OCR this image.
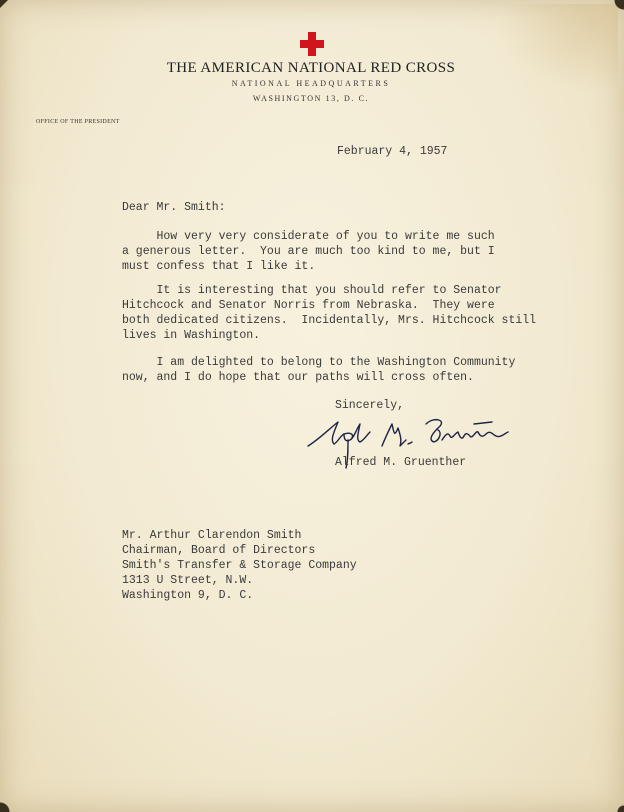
THE AMERICAN NATIONAL RED CROSS
NATIONAL HEADQUARTERS
WASHINGTON 13, D. C.
OFFICE OF THE PRESIDENT
February 4, 1957
Dear Mr. Smith:
How very very considerate of you to write me such
a generous letter.  You are much too kind to me, but I
must confess that I like it.
It is interesting that you should refer to Senator
Hitchcock and Senator Norris from Nebraska.  They were
both dedicated citizens.  Incidentally, Mrs. Hitchcock still
lives in Washington.
I am delighted to belong to the Washington Community
now, and I do hope that our paths will cross often.
Sincerely,
Alfred M. Gruenther
Mr. Arthur Clarendon Smith
Chairman, Board of Directors
Smith's Transfer & Storage Company
1313 U Street, N.W.
Washington 9, D. C.
